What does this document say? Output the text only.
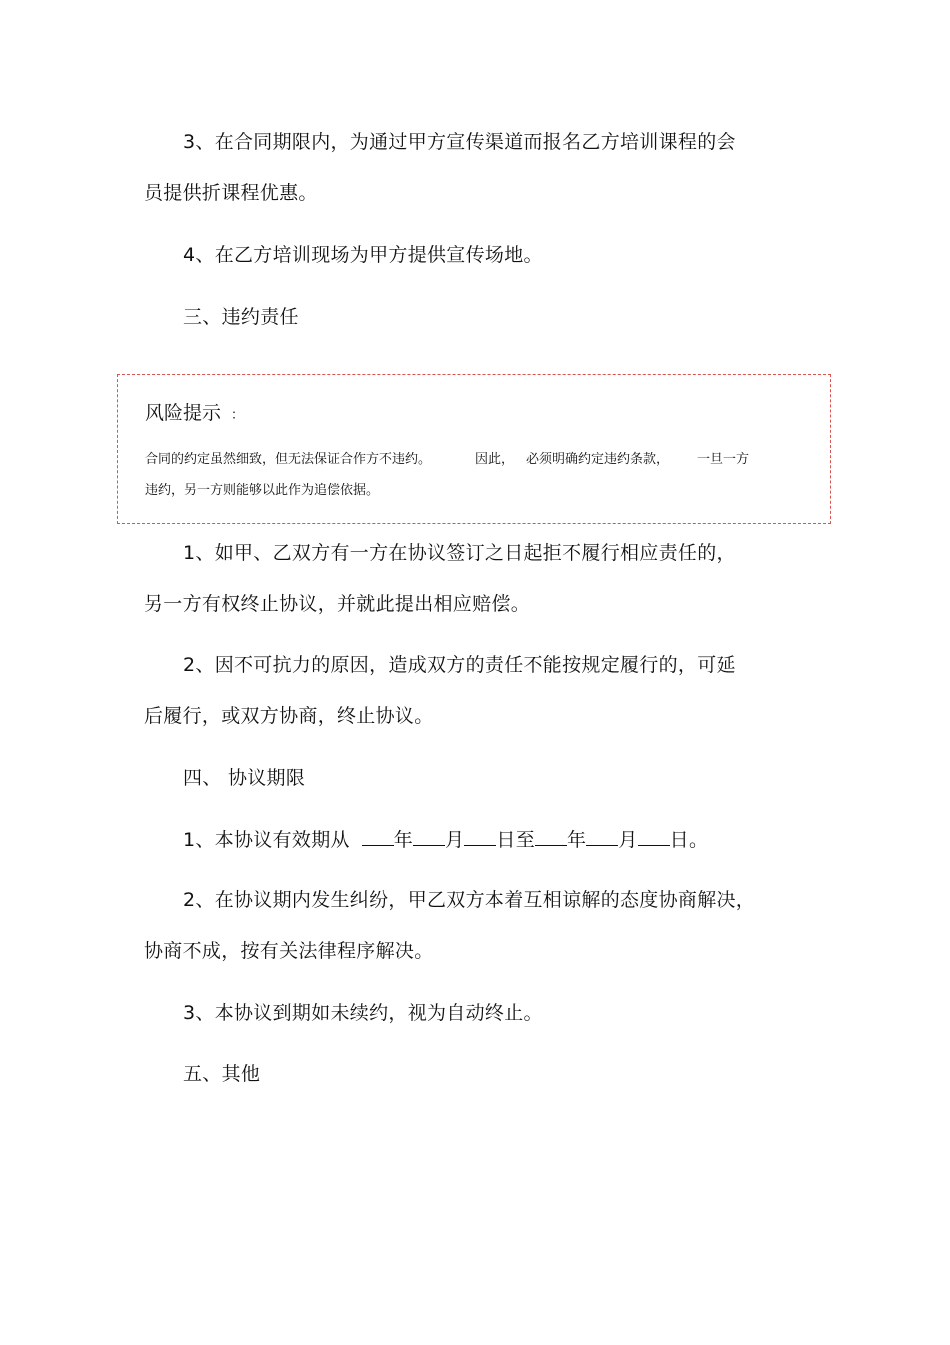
3、在合同期限内，为通过甲方宣传渠道而报名乙方培训课程的会
员提供折课程优惠。
4、在乙方培训现场为甲方提供宣传场地。
三、违约责任
风险提示 ：
合同的约定虽然细致，但无法保证合作方不违约。	因此， 必须明确约定违约条款， 一旦一方
违约，另一方则能够以此作为追偿依据。
1、如甲、乙双方有一方在协议签订之日起拒不履行相应责任的，
另一方有权终止协议，并就此提出相应赔偿。
2、因不可抗力的原因，造成双方的责任不能按规定履行的，可延
后履行，或双方协商，终止协议。
四、 协议期限
1、本协议有效期从 年 月 日至 年 月 日。
2、在协议期内发生纠纷，甲乙双方本着互相谅解的态度协商解决，
协商不成，按有关法律程序解决。
3、本协议到期如未续约，视为自动终止。
五、其他
